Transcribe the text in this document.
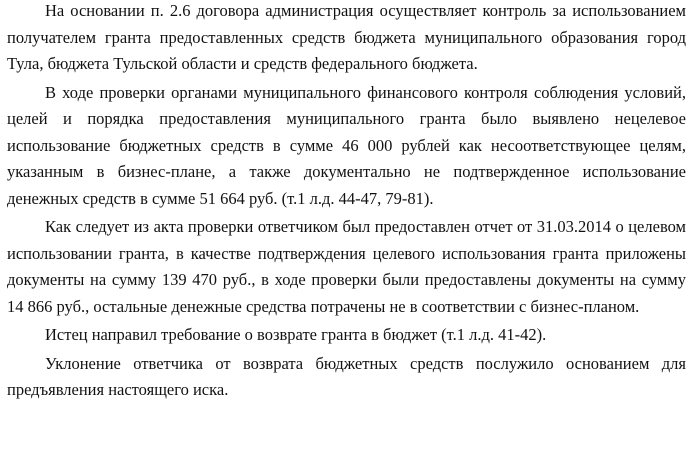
На основании п. 2.6 договора администрация осуществляет контроль за использованием получателем гранта предоставленных средств бюджета муниципального образования город Тула, бюджета Тульской области и средств федерального бюджета.

В ходе проверки органами муниципального финансового контроля соблюдения условий, целей и порядка предоставления муниципального гранта было выявлено нецелевое использование бюджетных средств в сумме 46 000 рублей как несоответствующее целям, указанным в бизнес-плане, а также документально не подтвержденное использование денежных средств в сумме 51 664 руб. (т.1 л.д. 44-47, 79-81).

Как следует из акта проверки ответчиком был предоставлен отчет от 31.03.2014 о целевом использовании гранта, в качестве подтверждения целевого использования гранта приложены документы на сумму 139 470 руб., в ходе проверки были предоставлены документы на сумму 14 866 руб., остальные денежные средства потрачены не в соответствии с бизнес-планом.

Истец направил требование о возврате гранта в бюджет (т.1 л.д. 41-42).

Уклонение ответчика от возврата бюджетных средств послужило основанием для предъявления настоящего иска.
